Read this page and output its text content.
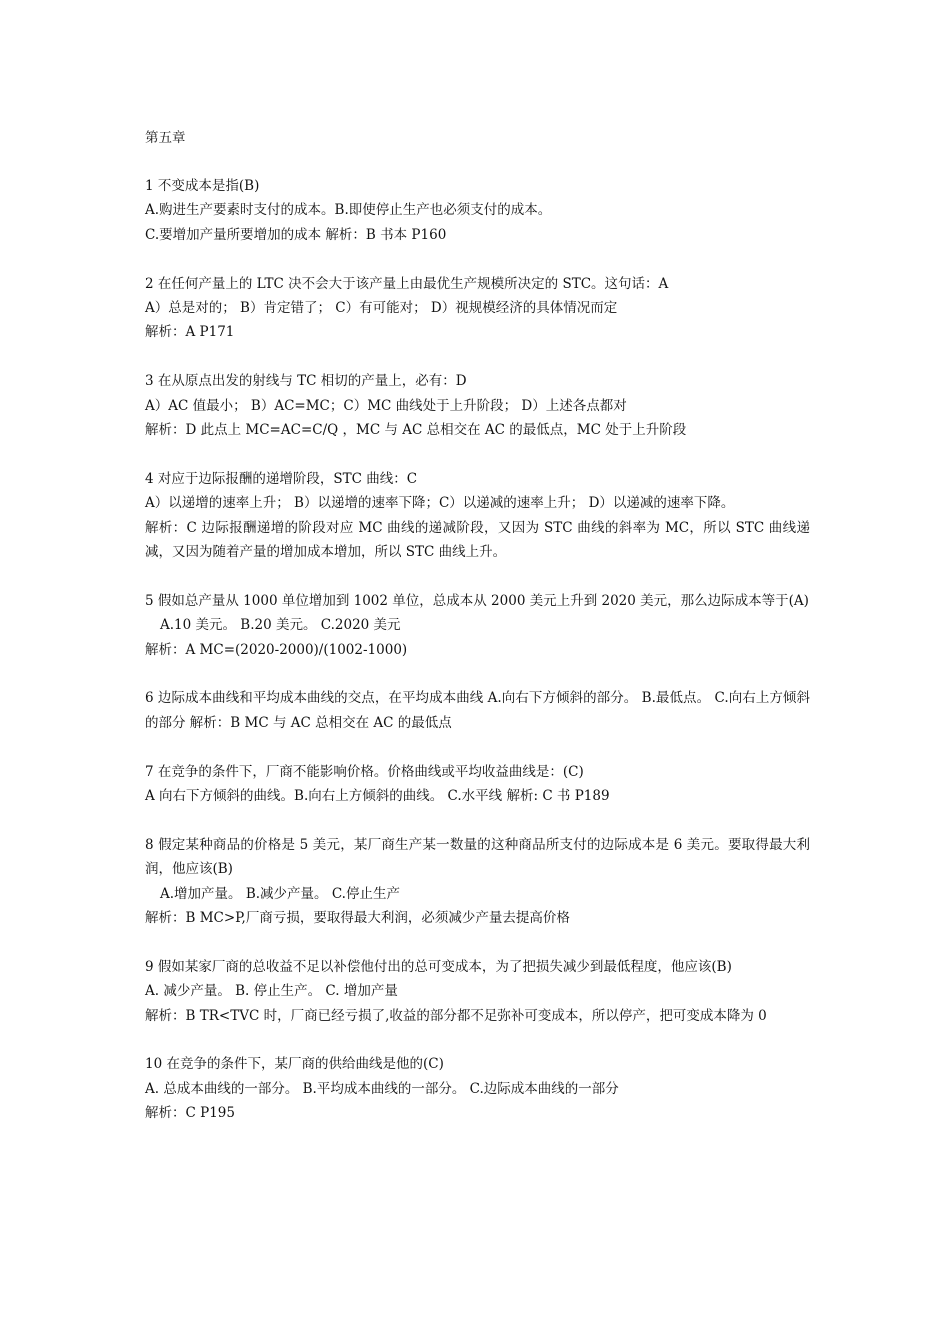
第五章
1 不变成本是指(B)
A.购进生产要素时支付的成本。B.即使停止生产也必须支付的成本。
C.要增加产量所要增加的成本 解析：B 书本 P160
2 在任何产量上的 LTC 决不会大于该产量上由最优生产规模所决定的 STC。这句话：A
A）总是对的； B）肯定错了； C）有可能对； D）视规模经济的具体情况而定
解析：A P171
3 在从原点出发的射线与 TC 相切的产量上，必有：D
A）AC 值最小； B）AC=MC；C）MC 曲线处于上升阶段； D）上述各点都对
解析：D 此点上 MC=AC=C/Q ，MC 与 AC 总相交在 AC 的最低点，MC 处于上升阶段
4 对应于边际报酬的递增阶段，STC 曲线：C
A）以递增的速率上升； B）以递增的速率下降；C）以递减的速率上升； D）以递减的速率下降。
解析：C 边际报酬递增的阶段对应 MC 曲线的递减阶段，又因为 STC 曲线的斜率为 MC，所以 STC 曲线递减，又因为随着产量的增加成本增加，所以 STC 曲线上升。
5 假如总产量从 1000 单位增加到 1002 单位，总成本从 2000 美元上升到 2020 美元，那么边际成本等于(A)
A.10 美元。 B.20 美元。 C.2020 美元
解析：A MC=(2020-2000)/(1002-1000)
6 边际成本曲线和平均成本曲线的交点，在平均成本曲线 A.向右下方倾斜的部分。 B.最低点。 C.向右上方倾斜的部分 解析：B MC 与 AC 总相交在 AC 的最低点
7 在竞争的条件下，厂商不能影响价格。价格曲线或平均收益曲线是：(C)
A 向右下方倾斜的曲线。B.向右上方倾斜的曲线。 C.水平线 解析: C 书 P189
8 假定某种商品的价格是 5 美元，某厂商生产某一数量的这种商品所支付的边际成本是 6 美元。要取得最大利润，他应该(B)
A.增加产量。 B.减少产量。 C.停止生产
解析：B MC>P,厂商亏损，要取得最大利润，必须减少产量去提高价格
9 假如某家厂商的总收益不足以补偿他付出的总可变成本，为了把损失减少到最低程度，他应该(B)
A. 减少产量。 B. 停止生产。 C. 增加产量
解析：B TR<TVC 时，厂商已经亏损了,收益的部分都不足弥补可变成本，所以停产，把可变成本降为 0
10 在竞争的条件下，某厂商的供给曲线是他的(C)
A. 总成本曲线的一部分。 B.平均成本曲线的一部分。 C.边际成本曲线的一部分
解析：C P195
